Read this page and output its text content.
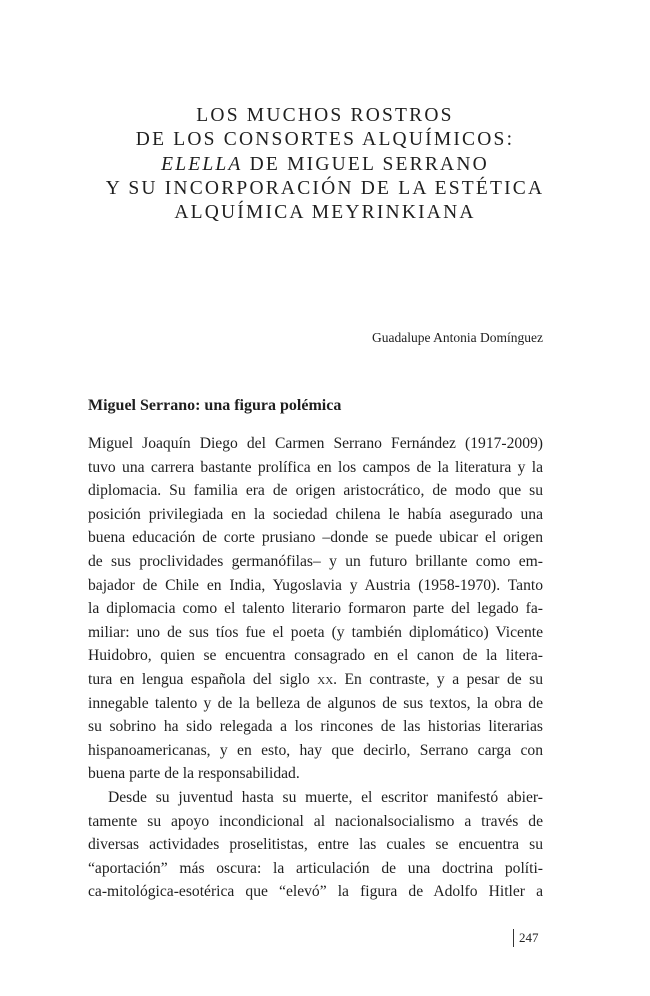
LOS MUCHOS ROSTROS
DE LOS CONSORTES ALQUÍMICOS:
ELELLA DE MIGUEL SERRANO
Y SU INCORPORACIÓN DE LA ESTÉTICA
ALQUÍMICA MEYRINKIANA
Guadalupe Antonia Domínguez
Miguel Serrano: una figura polémica
Miguel Joaquín Diego del Carmen Serrano Fernández (1917-2009)
tuvo una carrera bastante prolífica en los campos de la literatura y la
diplomacia. Su familia era de origen aristocrático, de modo que su
posición privilegiada en la sociedad chilena le había asegurado una
buena educación de corte prusiano –donde se puede ubicar el origen
de sus proclividades germanófilas– y un futuro brillante como em-
bajador de Chile en India, Yugoslavia y Austria (1958-1970). Tanto
la diplomacia como el talento literario formaron parte del legado fa-
miliar: uno de sus tíos fue el poeta (y también diplomático) Vicente
Huidobro, quien se encuentra consagrado en el canon de la litera-
tura en lengua española del siglo xx. En contraste, y a pesar de su
innegable talento y de la belleza de algunos de sus textos, la obra de
su sobrino ha sido relegada a los rincones de las historias literarias
hispanoamericanas, y en esto, hay que decirlo, Serrano carga con
buena parte de la responsabilidad.
Desde su juventud hasta su muerte, el escritor manifestó abier-
tamente su apoyo incondicional al nacionalsocialismo a través de
diversas actividades proselitistas, entre las cuales se encuentra su
“aportación” más oscura: la articulación de una doctrina políti-
ca-mitológica-esotérica que “elevó” la figura de Adolfo Hitler a
247
